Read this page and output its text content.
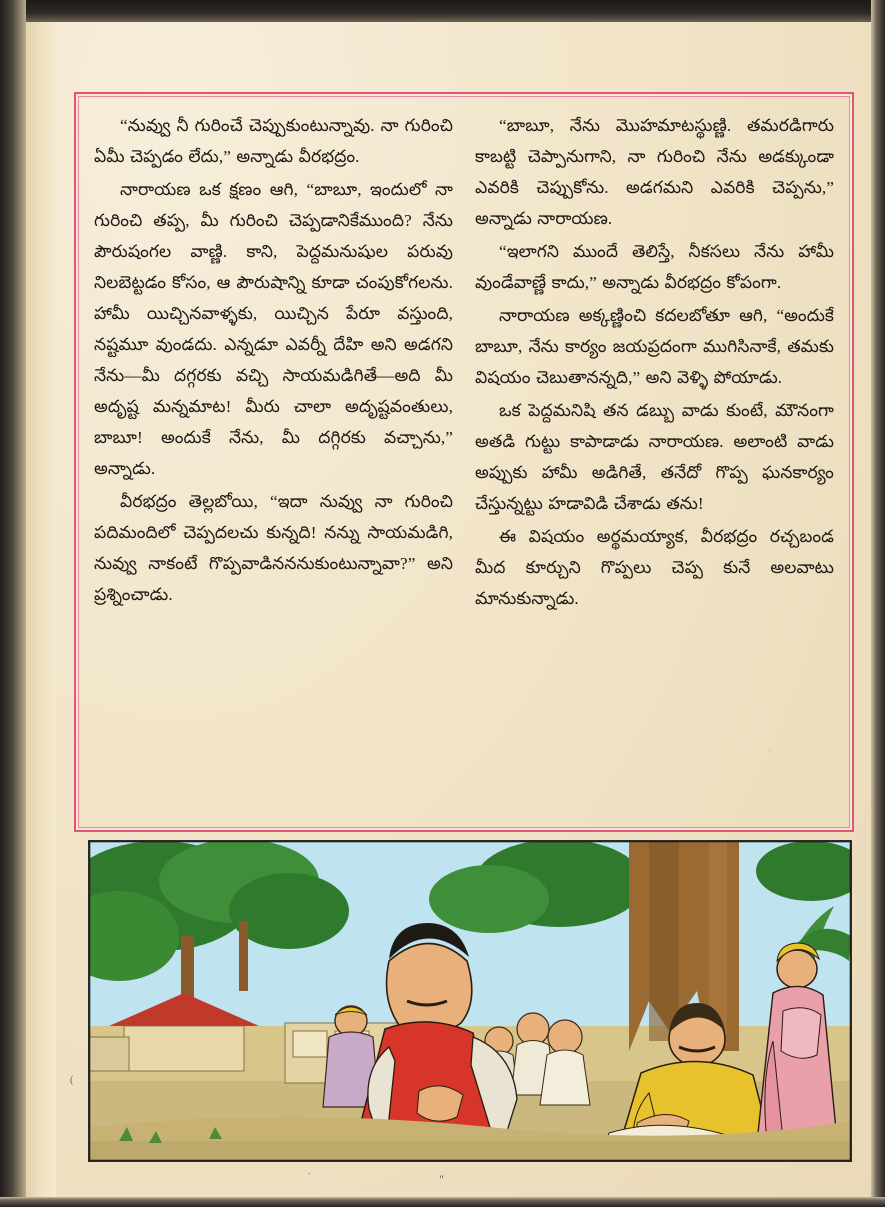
“నువ్వు నీ గురించే చెప్పుకుంటున్నావు. నా గురించి ఏమీ చెప్పడం లేదు,” అన్నాడు వీరభద్రం.

నారాయణ ఒక క్షణం ఆగి, “బాబూ, ఇందులో నా గురించి తప్ప, మీ గురించి చెప్పడానికేముంది? నేను పౌరుషంగల వాణ్ణి. కాని, పెద్దమనుషుల పరువు నిలబెట్టడం కోసం, ఆ పౌరుషాన్ని కూడా చంపుకోగలను. హామీ యిచ్చినవాళ్ళకు, యిచ్చిన పేరూ వస్తుంది, నష్టమూ వుండదు. ఎన్నడూ ఎవర్నీ దేహి అని అడగని నేను—మీ దగ్గరకు వచ్చి సాయమడిగితే—అది మీ అదృష్ట మన్నమాట! మీరు చాలా అదృష్టవంతులు, బాబూ! అందుకే నేను, మీ దగ్గిరకు వచ్చాను,” అన్నాడు.

వీరభద్రం తెల్లబోయి, “ఇదా నువ్వు నా గురించి పదిమందిలో చెప్పదలచు కున్నది! నన్ను సాయమడిగి, నువ్వు నాకంటే గొప్పవాడినననుకుంటున్నావా?” అని ప్రశ్నించాడు.

“బాబూ, నేను మొహమాటస్థుణ్ణి. తమరడిగారు కాబట్టి చెప్పానుగాని, నా గురించి నేను అడక్కుండా ఎవరికి చెప్పుకోను. అడగమని ఎవరికి చెప్పను,” అన్నాడు నారాయణ.

“ఇలాగని ముందే తెలిస్తే, నీకసలు నేను హామీ వుండేవాణ్ణే కాదు,” అన్నాడు వీరభద్రం కోపంగా.

నారాయణ అక్కణ్ణించి కదలబోతూ ఆగి, “అందుకే బాబూ, నేను కార్యం జయప్రదంగా ముగిసినాకే, తమకు విషయం చెబుతానన్నది,” అని వెళ్ళి పోయాడు.

ఒక పెద్దమనిషి తన డబ్బు వాడు కుంటే, మౌనంగా అతడి గుట్టు కాపాడాడు నారాయణ. అలాంటి వాడు అప్పుకు హామీ అడిగితే, తనేదో గొప్ప ఘనకార్యం చేస్తున్నట్టు హడావిడి చేశాడు తను!

ఈ విషయం అర్థమయ్యాక, వీరభద్రం రచ్చబండ మీద కూర్చుని గొప్పలు చెప్ప కునే అలవాటు మానుకున్నాడు.

(
.
"
